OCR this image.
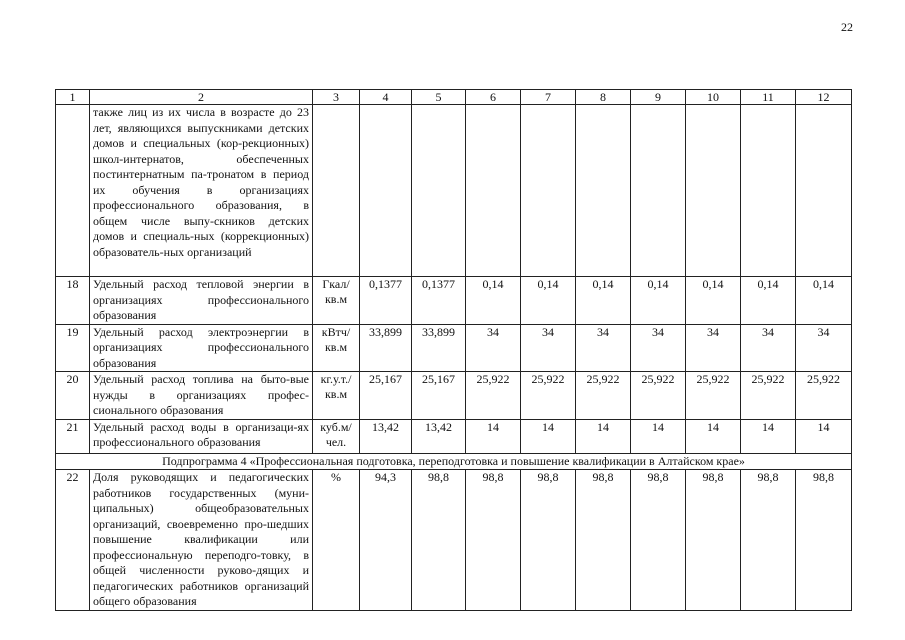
22
1	2	3	4	5	6	7	8	9	10	11	12
	также лиц из их числа в возрасте до 23 лет, являющихся выпускниками детских домов и специальных (кор-рекционных) школ-интернатов, обеспеченных постинтернатным па-тронатом в период их обучения в организациях профессионального образования, в общем числе выпу-скников детских домов и специаль-ных (коррекционных) образователь-ных организаций										
18	Удельный расход тепловой энергии в организациях профессионального образования	Гкал/кв.м	0,1377	0,1377	0,14	0,14	0,14	0,14	0,14	0,14	0,14
19	Удельный расход электроэнергии в организациях профессионального образования	кВтч/кв.м	33,899	33,899	34	34	34	34	34	34	34
20	Удельный расход топлива на быто-вые нужды в организациях профес-сионального образования	кг.у.т./кв.м	25,167	25,167	25,922	25,922	25,922	25,922	25,922	25,922	25,922
21	Удельный расход воды в организаци-ях профессионального образования	куб.м/чел.	13,42	13,42	14	14	14	14	14	14	14
Подпрограмма 4 «Профессиональная подготовка, переподготовка и повышение квалификации в Алтайском крае»											
22	Доля руководящих и педагогических работников государственных (муни-ципальных) общеобразовательных организаций, своевременно про-шедших повышение квалификации или профессиональную переподго-товку, в общей численности руково-дящих и педагогических работников организаций общего образования	%	94,3	98,8	98,8	98,8	98,8	98,8	98,8	98,8	98,8
